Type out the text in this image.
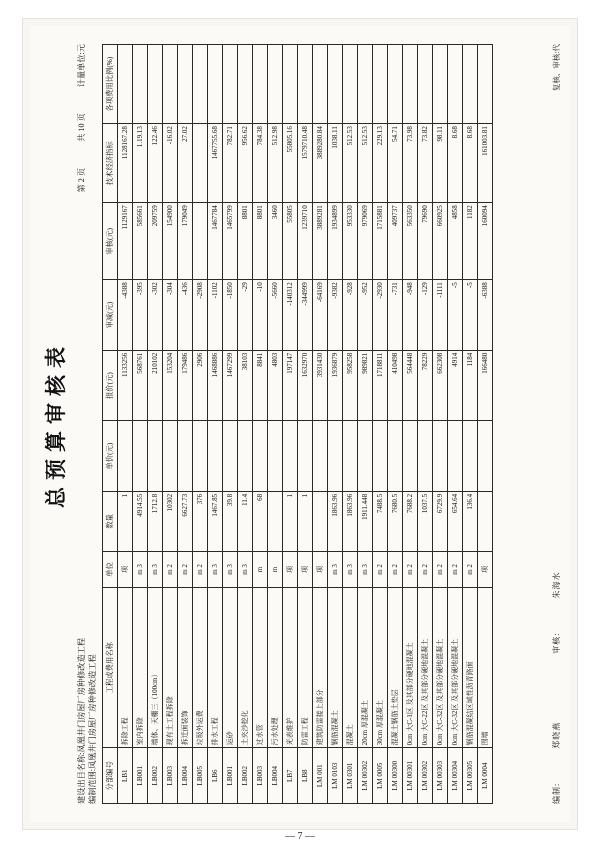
总预算审核表
建设出目名称:凤凰井门房屋厂房种修改造工程 编制范围:凤凰井门房屋厂房种修改造工程
第 2 页共 10 页计量单位:元
分部编号	工程或费用名称	单位	数量	单价(元)	报价(元)	审减(元)	审核(元)	技术经济指标	各项费用比例(%)
LB1	拆除工程	项	1		1133256	-4388	1129167	1128167.28	
LB001	室内拆除	m 3	4914.55		568761	-395	585661	1.19.13	
LB002	墙体、天棚三（100cm）	m 3	1712.8		210102	-302	209759	122.46	
LB003	现有土工程拆除	m 2	10302		153204	-304	154900	-16.02	
LB004	拆迁面装饰	m 2	6627.73		179486	-436	179049	27.02	
LB005	垃圾外运费	m 2	376		2906	-2908			
LB6	排水工程	m 3	1467.85		1468886	-1102	1467784	1467755.68	
LB001	运砂	m 3	39.8		1467299	-1850	1465799	782.71	
LB002	土夹沙挖化	m 3	11.4		38103	-29	8801	956.62	
LB003	过水管	m	68		8841	-10	8801	784.38	
LB004	污水处理	m			4803	-5660	3460	512.98	
LB7	光表维护	项	1		197147	-140312	55805	55805.16	
LB8	防雷工程	项	1		1632970	-344999	1239710	1579710.48	
LM 001	建筑防雷接上部分	项			3931430	-64169	3889281	3889280.84	
LM 0103	钢筋混凝土	m 3	1863.96		1936879	-9382	1934899	1038.11	
LM 0301	混凝土	m 3	1863.96		958258	-928	953330	512.53	
LM 00302	20cm 厚混凝土	m 3	1911.448		989821	-952	979069	512.53	
LM 0005	30cm 厚混凝土	m 2	7488.5		1718811	-2930	1715881	229.13	
LM 00300	混凝土钢筋土垫层	m 2	7680.5		410498	-731	409737	54.71	
LM 00301	0cm 大C-1区 及其部分硬地混凝土	m 2	7688.2		564448	-948	563350	73.98	
LM 00302	0cm 大C-22区 及其部分硬地混凝土	m 2	1037.5		78229	-129	79690	73.82	
LM 00303	0cm 大C-32区 及其部分硬地混凝土	m 2	6729.9		662308	-1111	660925	98.11	
LM 00304	0cm 大C-32区 及其部分硬地混凝土	m 2	654.64		4914	-5	4858	8.68	
LM 00305	钢筋混凝结区域性沥青路面	m 2	136.4		1184	-5	1182	8.68	
LM 0004	围墙	项			166480	-6388	160094	161003.81	
编制:郑晓燕审核:朱海水
复核、审核:代
— 7 —
